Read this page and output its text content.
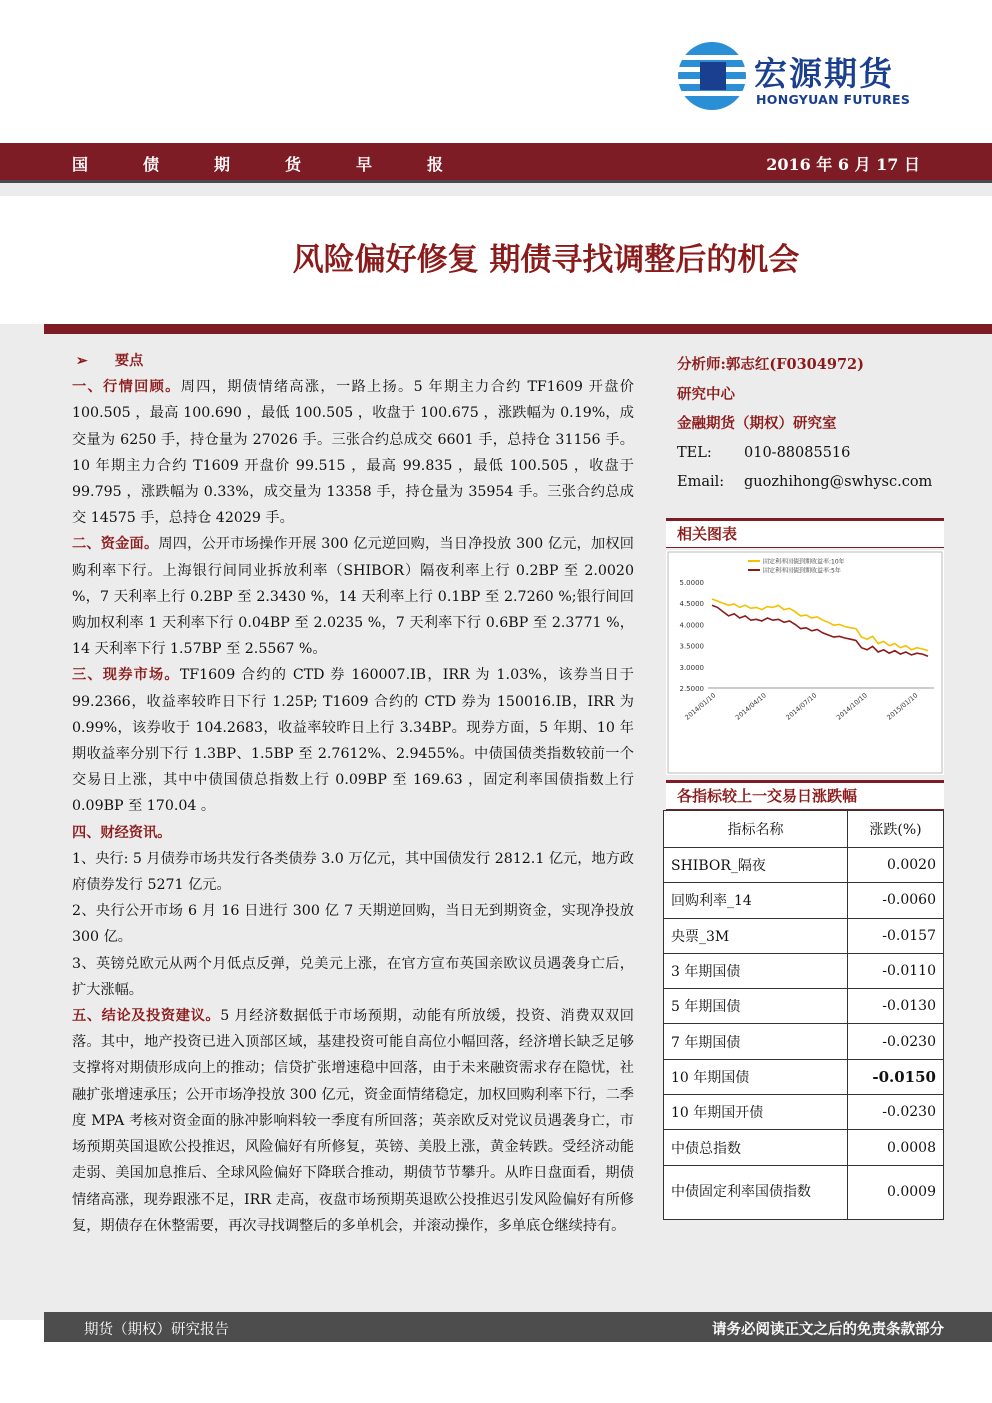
宏源期货
HONGYUAN FUTURES
国债期货早报	2016 年 6 月 17 日
风险偏好修复 期债寻找调整后的机会

➢ 要点

一、行情回顾。周四，期债情绪高涨，一路上扬。5 年期主力合约 TF1609 开盘价 100.505 ，最高 100.690 ，最低 100.505 ，收盘于 100.675 ，涨跌幅为 0.19%，成交量为 6250 手，持仓量为 27026 手。三张合约总成交 6601 手，总持仓 31156 手。10 年期主力合约 T1609 开盘价 99.515 ，最高 99.835 ，最低 100.505 ，收盘于 99.795 ，涨跌幅为 0.33%，成交量为 13358 手，持仓量为 35954 手。三张合约总成交 14575 手，总持仓 42029 手。

二、资金面。周四，公开市场操作开展 300 亿元逆回购，当日净投放 300 亿元，加权回购利率下行。上海银行间同业拆放利率（SHIBOR）隔夜利率上行 0.2BP 至 2.0020 %，7 天利率上行 0.2BP 至 2.3430 %，14 天利率上行 0.1BP 至 2.7260 %;银行间回购加权利率 1 天利率下行 0.04BP 至 2.0235 %，7 天利率下行 0.6BP 至 2.3771 %，14 天利率下行 1.57BP 至 2.5567 %。

三、现券市场。TF1609 合约的 CTD 券 160007.IB，IRR 为 1.03%，该券当日于 99.2366，收益率较昨日下行 1.25P; T1609 合约的 CTD 券为 150016.IB，IRR 为 0.99%，该券收于 104.2683，收益率较昨日上行 3.34BP。现券方面，5 年期、10 年期收益率分别下行 1.3BP、1.5BP 至 2.7612%、2.9455%。中债国债类指数较前一个交易日上涨，其中中债国债总指数上行 0.09BP 至 169.63 ，固定利率国债指数上行 0.09BP 至 170.04 。

四、财经资讯。

1、央行: 5 月债券市场共发行各类债券 3.0 万亿元，其中国债发行 2812.1 亿元，地方政府债券发行 5271 亿元。

2、央行公开市场 6 月 16 日进行 300 亿 7 天期逆回购，当日无到期资金，实现净投放 300 亿。

3、英镑兑欧元从两个月低点反弹，兑美元上涨，在官方宣布英国亲欧议员遇袭身亡后，扩大涨幅。

五、结论及投资建议。5 月经济数据低于市场预期，动能有所放缓，投资、消费双双回落。其中，地产投资已进入顶部区域，基建投资可能自高位小幅回落，经济增长缺乏足够支撑将对期债形成向上的推动；信贷扩张增速稳中回落，由于未来融资需求存在隐忧，社融扩张增速承压；公开市场净投放 300 亿元，资金面情绪稳定，加权回购利率下行，二季度 MPA 考核对资金面的脉冲影响料较一季度有所回落；英亲欧反对党议员遇袭身亡，市场预期英国退欧公投推迟，风险偏好有所修复，英镑、美股上涨，黄金转跌。受经济动能走弱、美国加息推后、全球风险偏好下降联合推动，期债节节攀升。从昨日盘面看，期债情绪高涨，现券跟涨不足，IRR 走高，夜盘市场预期英退欧公投推迟引发风险偏好有所修复，期债存在休整需要，再次寻找调整后的多单机会，并滚动操作，多单底仓继续持有。

分析师:郭志红(F0304972)
研究中心
金融期货（期权）研究室
TEL: 010-88085516
Email: guozhihong@swhysc.com
相关图表
5.0000
4.5000
4.0000
3.5000
3.0000
2.5000
2014/01/10	2014/04/10	2014/07/10	2014/10/10	2015/01/10
固定利率国债到期收益率:10年
固定利率国债到期收益率:5年
各指标较上一交易日涨跌幅
指标名称	涨跌(%)
SHIBOR_隔夜	0.0020
回购利率_14	-0.0060
央票_3M	-0.0157
3 年期国债	-0.0110
5 年期国债	-0.0130
7 年期国债	-0.0230
10 年期国债	-0.0150
10 年期国开债	-0.0230
中债总指数	0.0008
中债固定利率国债指数	0.0009
期货（期权）研究报告	请务必阅读正文之后的免责条款部分
